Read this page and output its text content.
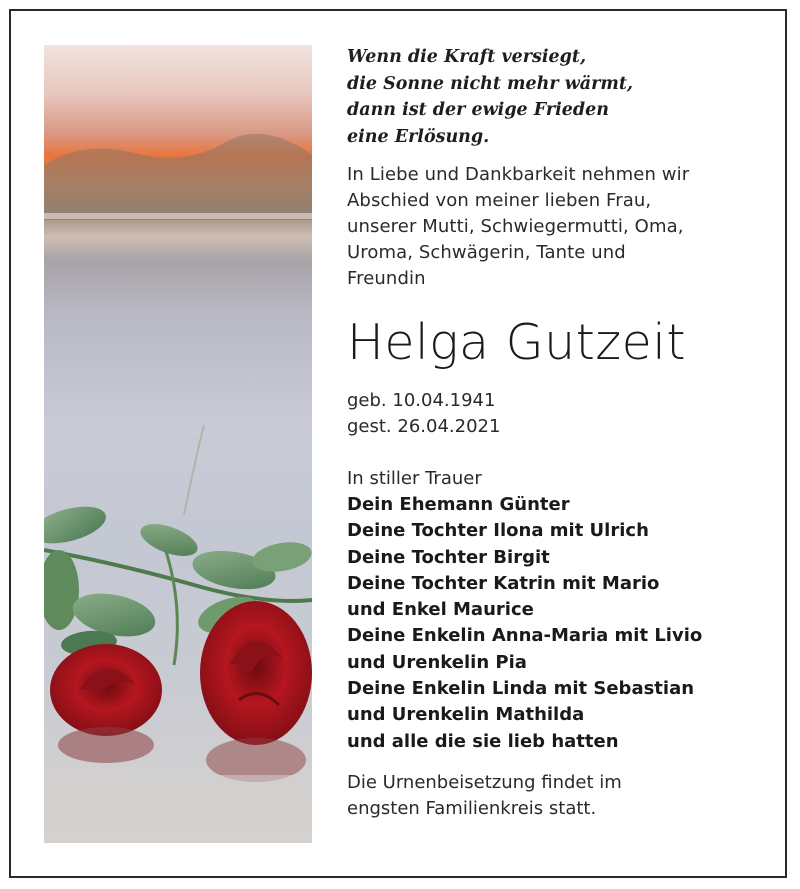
Wenn die Kraft versiegt,
die Sonne nicht mehr wärmt,
dann ist der ewige Frieden
eine Erlösung.
In Liebe und Dankbarkeit nehmen wir
Abschied von meiner lieben Frau,
unserer Mutti, Schwiegermutti, Oma,
Uroma, Schwägerin, Tante und
Freundin
Helga Gutzeit
geb. 10.04.1941
gest. 26.04.2021
In stiller Trauer
Dein Ehemann Günter
Deine Tochter Ilona mit Ulrich
Deine Tochter Birgit
Deine Tochter Katrin mit Mario
und Enkel Maurice
Deine Enkelin Anna-Maria mit Livio
und Urenkelin Pia
Deine Enkelin Linda mit Sebastian
und Urenkelin Mathilda
und alle die sie lieb hatten
Die Urnenbeisetzung findet im
engsten Familienkreis statt.
